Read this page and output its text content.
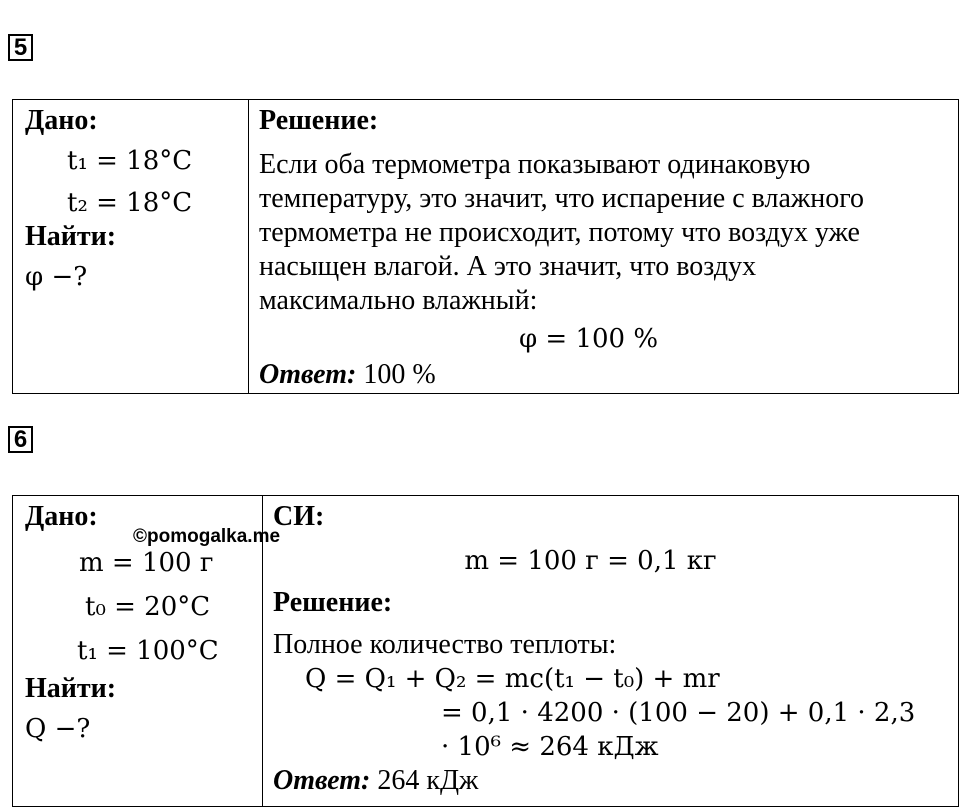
5
Дано:
t₁ = 18°C
t₂ = 18°C
Найти:
φ −?

Решение:
Если оба термометра показывают одинаковую
температуру, это значит, что испарение с влажного
термометра не происходит, потому что воздух уже
насыщен влагой. А это значит, что воздух
максимально влажный:
φ = 100 %
Ответ: 100 %
6
Дано:
m = 100 г
t₀ = 20°C
t₁ = 100°C
Найти:
Q −?

СИ:
m = 100 г = 0,1 кг
Решение:
Полное количество теплоты:
Q = Q₁ + Q₂ = mc(t₁ − t₀) + mr
= 0,1 · 4200 · (100 − 20) + 0,1 · 2,3
· 10⁶ ≈ 264 кДж
Ответ: 264 кДж
©pomogalka.me
